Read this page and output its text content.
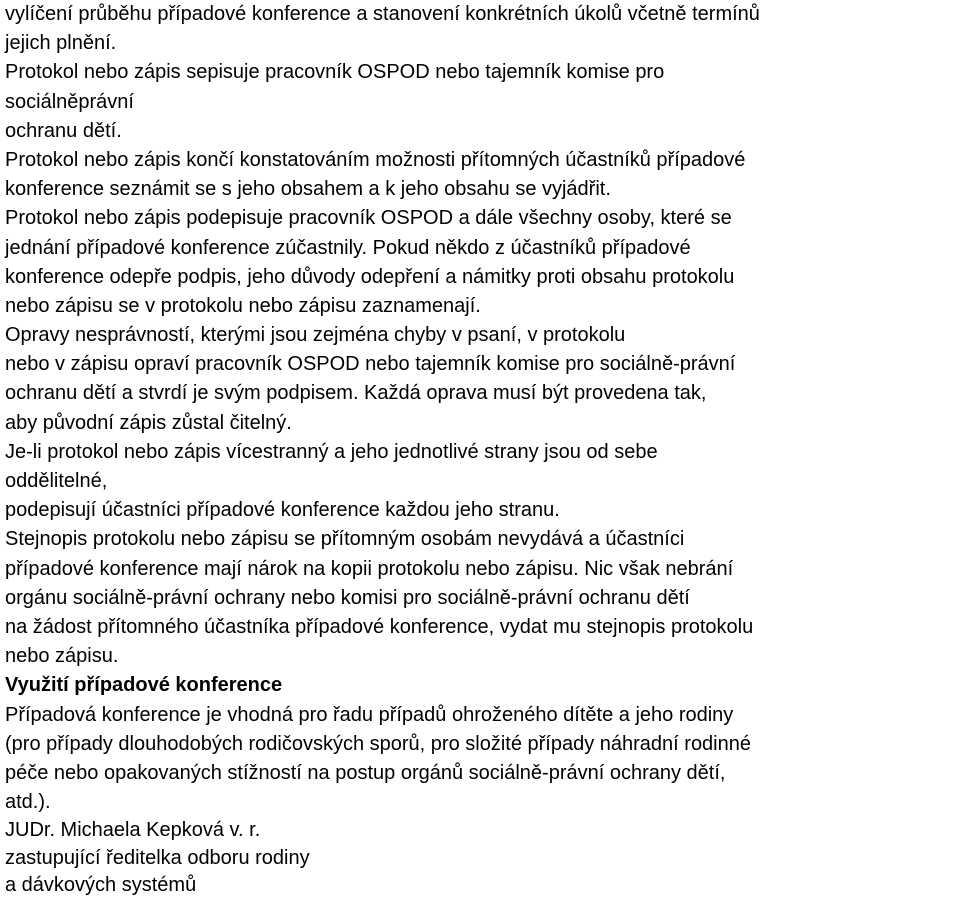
vylíčení průběhu případové konference a stanovení konkrétních úkolů včetně termínů
jejich plnění.
Protokol nebo zápis sepisuje pracovník OSPOD nebo tajemník komise pro
sociálněprávní
ochranu dětí.
Protokol nebo zápis končí konstatováním možnosti přítomných účastníků případové
konference seznámit se s jeho obsahem a k jeho obsahu se vyjádřit.
Protokol nebo zápis podepisuje pracovník OSPOD a dále všechny osoby, které se
jednání případové konference zúčastnily. Pokud někdo z účastníků případové
konference odepře podpis, jeho důvody odepření a námitky proti obsahu protokolu
nebo zápisu se v protokolu nebo zápisu zaznamenají.
Opravy nesprávností, kterými jsou zejména chyby v psaní, v protokolu
nebo v zápisu opraví pracovník OSPOD nebo tajemník komise pro sociálně-právní
ochranu dětí a stvrdí je svým podpisem. Každá oprava musí být provedena tak,
aby původní zápis zůstal čitelný.
Je-li protokol nebo zápis vícestranný a jeho jednotlivé strany jsou od sebe
oddělitelné,
podepisují účastníci případové konference každou jeho stranu.
Stejnopis protokolu nebo zápisu se přítomným osobám nevydává a účastníci
případové konference mají nárok na kopii protokolu nebo zápisu. Nic však nebrání
orgánu sociálně-právní ochrany nebo komisi pro sociálně-právní ochranu dětí
na žádost přítomného účastníka případové konference, vydat mu stejnopis protokolu
nebo zápisu.
Využití případové konference
Případová konference je vhodná pro řadu případů ohroženého dítěte a jeho rodiny
(pro případy dlouhodobých rodičovských sporů, pro složité případy náhradní rodinné
péče nebo opakovaných stížností na postup orgánů sociálně-právní ochrany dětí,
atd.).
JUDr. Michaela Kepková v. r.
zastupující ředitelka odboru rodiny
a dávkových systémů
